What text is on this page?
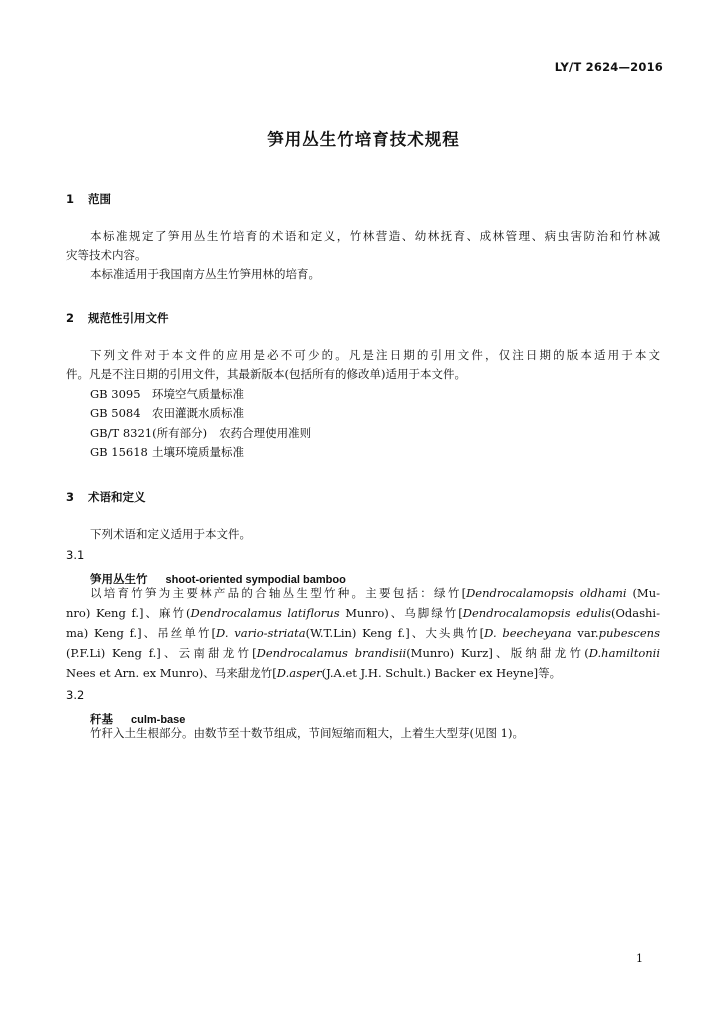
LY/T 2624—2016
笋用丛生竹培育技术规程
1 范围
本标准规定了笋用丛生竹培育的术语和定义，竹林营造、幼林抚育、成林管理、病虫害防治和竹林减
灾等技术内容。
本标准适用于我国南方丛生竹笋用林的培育。
2 规范性引用文件
下列文件对于本文件的应用是必不可少的。凡是注日期的引用文件，仅注日期的版本适用于本文
件。凡是不注日期的引用文件，其最新版本(包括所有的修改单)适用于本文件。
GB 3095 环境空气质量标准
GB 5084 农田灌溉水质标准
GB/T 8321(所有部分) 农药合理使用准则
GB 15618 土壤环境质量标准
3 术语和定义
下列术语和定义适用于本文件。
3.1
笋用丛生竹 shoot-oriented sympodial bamboo
以培育竹笋为主要林产品的合轴丛生型竹种。主要包括：绿竹[Dendrocalamopsis oldhami (Mu-
nro) Keng f.]、麻竹(Dendrocalamus latiflorus Munro)、乌脚绿竹[Dendrocalamopsis edulis(Odashi-
ma) Keng f.]、吊丝单竹[D. vario-striata(W.T.Lin) Keng f.]、大头典竹[D. beecheyana var.pubescens
(P.F.Li) Keng f.]、云南甜龙竹[Dendrocalamus brandisii(Munro) Kurz]、版纳甜龙竹(D.hamiltonii
Nees et Arn. ex Munro)、马来甜龙竹[D.asper(J.A.et J.H. Schult.) Backer ex Heyne]等。
3.2
秆基 culm-base
竹秆入土生根部分。由数节至十数节组成，节间短缩而粗大，上着生大型芽(见图 1)。
1
